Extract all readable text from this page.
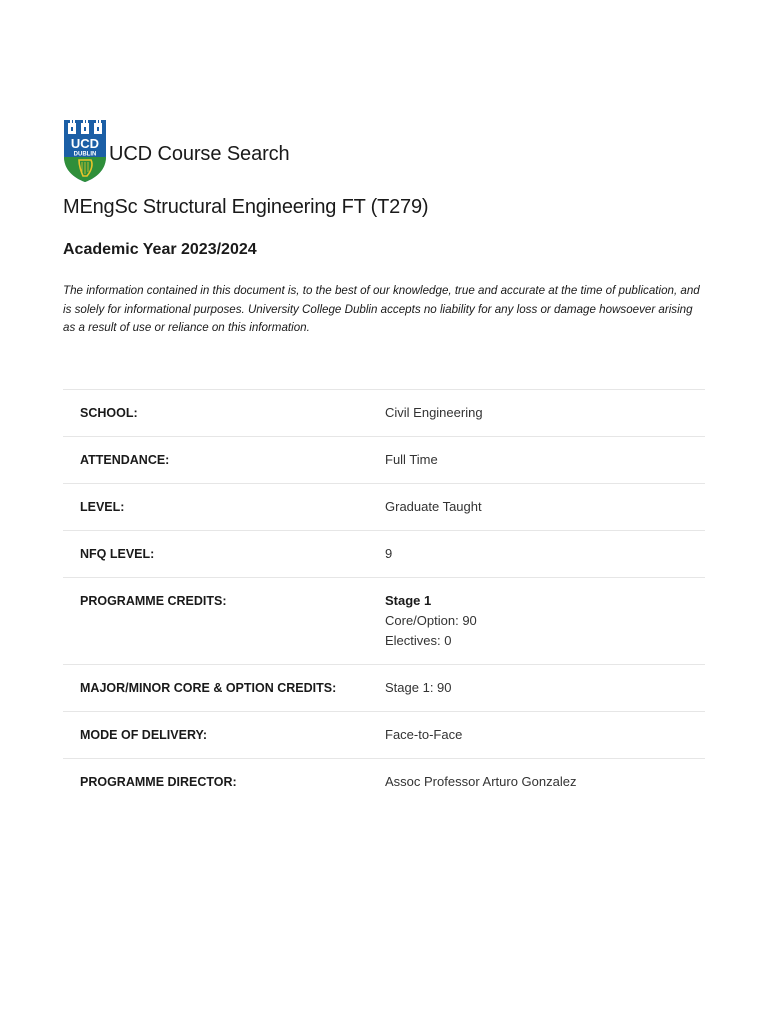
UCD
DUBLIN UCD Course Search
MEngSc Structural Engineering FT (T279)
Academic Year 2023/2024

The information contained in this document is, to the best of our knowledge, true and accurate at the time of publication, and is solely for informational purposes. University College Dublin accepts no liability for any loss or damage howsoever arising as a result of use or reliance on this information.

SCHOOL:	Civil Engineering
ATTENDANCE:	Full Time
LEVEL:	Graduate Taught
NFQ LEVEL:	9
PROGRAMME CREDITS:	Stage 1
Core/Option: 90
Electives: 0

MAJOR/MINOR CORE & OPTION CREDITS:	Stage 1: 90
MODE OF DELIVERY:	Face-to-Face
PROGRAMME DIRECTOR:	Assoc Professor Arturo Gonzalez
